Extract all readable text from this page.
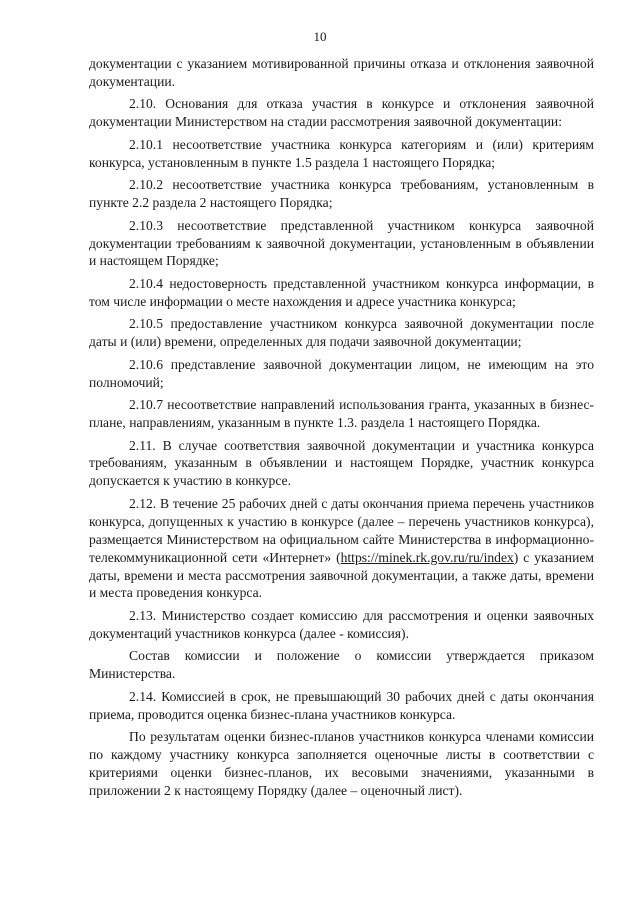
10

документации с указанием мотивированной причины отказа и отклонения заявочной документации.

2.10. Основания для отказа участия в конкурсе и отклонения заявочной документации Министерством на стадии рассмотрения заявочной документации:

2.10.1 несоответствие участника конкурса категориям и (или) критериям конкурса, установленным в пункте 1.5 раздела 1 настоящего Порядка;

2.10.2 несоответствие участника конкурса требованиям, установленным в пункте 2.2 раздела 2 настоящего Порядка;

2.10.3 несоответствие представленной участником конкурса заявочной документации требованиям к заявочной документации, установленным в объявлении и настоящем Порядке;

2.10.4 недостоверность представленной участником конкурса информации, в том числе информации о месте нахождения и адресе участника конкурса;

2.10.5 предоставление участником конкурса заявочной документации после даты и (или) времени, определенных для подачи заявочной документации;

2.10.6 представление заявочной документации лицом, не имеющим на это полномочий;

2.10.7 несоответствие направлений использования гранта, указанных в бизнес-плане, направлениям, указанным в пункте 1.3. раздела 1 настоящего Порядка.

2.11. В случае соответствия заявочной документации и участника конкурса требованиям, указанным в объявлении и настоящем Порядке, участник конкурса допускается к участию в конкурсе.

2.12. В течение 25 рабочих дней с даты окончания приема перечень участников конкурса, допущенных к участию в конкурсе (далее – перечень участников конкурса), размещается Министерством на официальном сайте Министерства в информационно-телекоммуникационной сети «Интернет» (https://minek.rk.gov.ru/ru/index) с указанием даты, времени и места рассмотрения заявочной документации, а также даты, времени и места проведения конкурса.

2.13. Министерство создает комиссию для рассмотрения и оценки заявочных документаций участников конкурса (далее - комиссия).

Состав комиссии и положение о комиссии утверждается приказом Министерства.

2.14. Комиссией в срок, не превышающий 30 рабочих дней с даты окончания приема, проводится оценка бизнес-плана участников конкурса.

По результатам оценки бизнес-планов участников конкурса членами комиссии по каждому участнику конкурса заполняется оценочные листы в соответствии с критериями оценки бизнес-планов, их весовыми значениями, указанными в приложении 2 к настоящему Порядку (далее – оценочный лист).
